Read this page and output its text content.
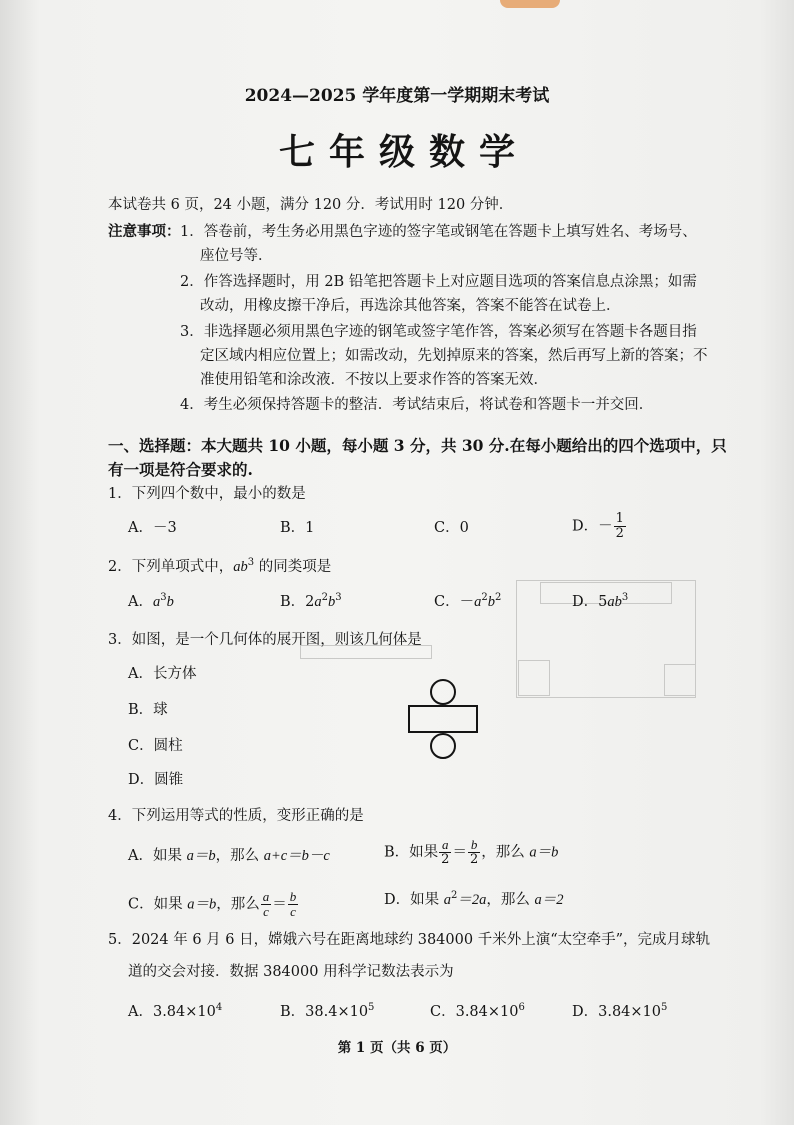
2024—2025 学年度第一学期期末考试
七年级数学
本试卷共 6 页，24 小题，满分 120 分．考试用时 120 分钟．
注意事项： 1．答卷前，考生务必用黑色字迹的签字笔或钢笔在答题卡上填写姓名、考场号、
座位号等．
2．作答选择题时，用 2B 铅笔把答题卡上对应题目选项的答案信息点涂黑；如需
改动，用橡皮擦干净后，再选涂其他答案，答案不能答在试卷上．
3．非选择题必须用黑色字迹的钢笔或签字笔作答，答案必须写在答题卡各题目指
定区域内相应位置上；如需改动，先划掉原来的答案，然后再写上新的答案；不
准使用铅笔和涂改液．不按以上要求作答的答案无效．
4．考生必须保持答题卡的整洁．考试结束后，将试卷和答题卡一并交回．
一、选择题：本大题共 10 小题，每小题 3 分，共 30 分.在每小题给出的四个选项中，只
有一项是符合要求的.
1．下列四个数中，最小的数是
A．－3	B．1	C．0	D．－ $\frac{1}{2}$
2．下列单项式中，$ab^3$ 的同类项是
A．$a^3b$	B．$2a^2b^3$	C．$-a^2b^2$	D．$5ab^3$
3．如图，是一个几何体的展开图，则该几何体是
A．长方体
B．球
C．圆柱
D．圆锥
4．下列运用等式的性质，变形正确的是
A．如果 a＝b，那么 a+c＝b－c	B．如果 $\frac{a}{2} = \frac{b}{2}$ ，那么 a＝b
C．如果 a＝b，那么 $\frac{a}{c} = \frac{b}{c}$	D．如果 $a^2=2a$，那么 a＝2
5．2024 年 6 月 6 日，嫦娥六号在距离地球约 384000 千米外上演“太空牵手”，完成月球轨
道的交会对接．数据 384000 用科学记数法表示为
A．$3.84\times 10^4$	B．$38.4\times 10^5$	C．$3.84\times 10^6$	D．$3.84\times 10^5$
第 1 页（共 6 页）
